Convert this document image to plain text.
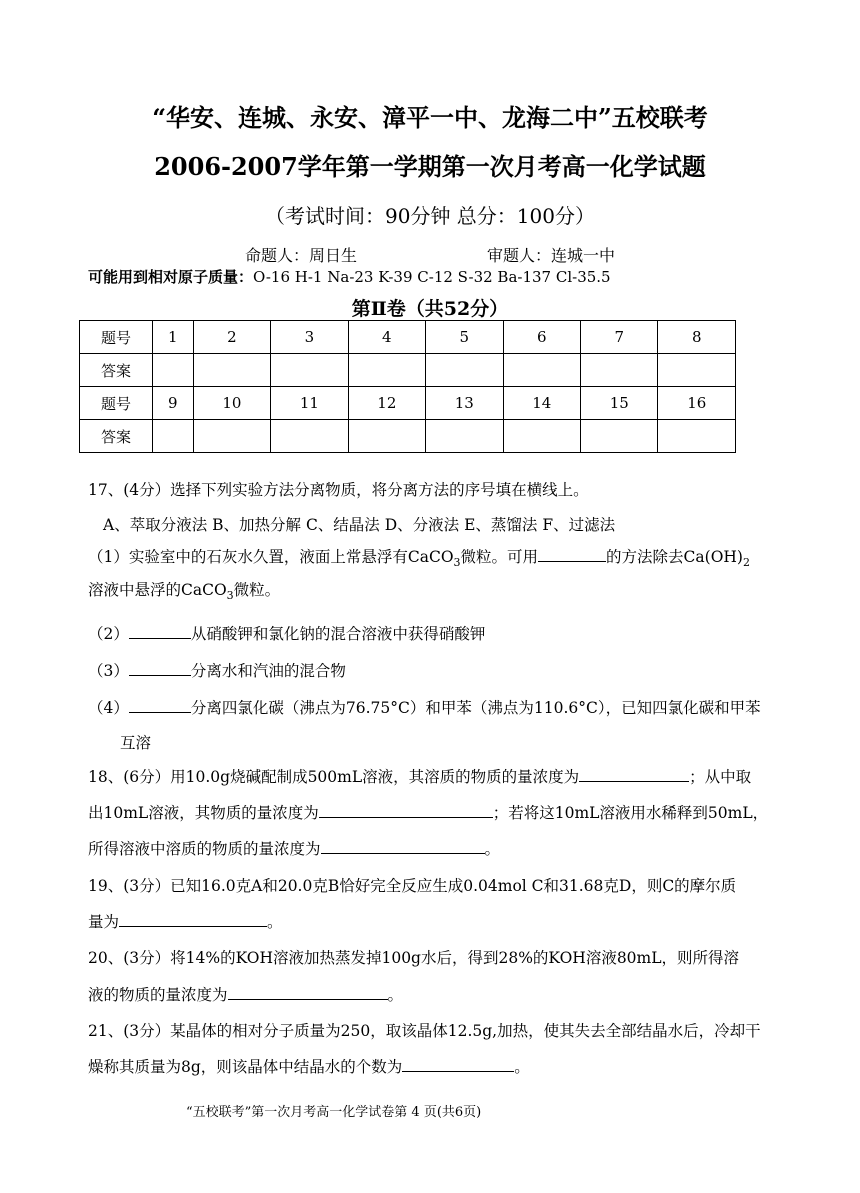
“华安、连城、永安、漳平一中、龙海二中”五校联考
2006-2007学年第一学期第一次月考高一化学试题
（考试时间：90分钟 总分：100分）
命题人：周日生	审题人：连城一中
可能用到相对原子质量：O-16 H-1 Na-23 K-39 C-12 S-32 Ba-137 Cl-35.5
第Ⅱ卷（共52分）
题号	1	2	3	4	5	6	7	8
答案								
题号	9	10	11	12	13	14	15	16
答案								
17、(4分）选择下列实验方法分离物质，将分离方法的序号填在横线上。
A、萃取分液法 B、加热分解 C、结晶法 D、分液法 E、蒸馏法 F、过滤法
（1）实验室中的石灰水久置，液面上常悬浮有CaCO$_3$微粒。可用	的方法除去$Ca(OH)_2$
溶液中悬浮的CaCO$_3$微粒。
（2）	从硝酸钾和氯化钠的混合溶液中获得硝酸钾
（3）	分离水和汽油的混合物
（4）	分离四氯化碳（沸点为76.75°C）和甲苯（沸点为110.6°C），已知四氯化碳和甲苯
互溶
18、(6分）用10.0g烧碱配制成500mL溶液，其溶质的物质的量浓度为	；从中取
出10mL溶液，其物质的量浓度为	；若将这10mL溶液用水稀释到50mL，
所得溶液中溶质的物质的量浓度为	。
19、(3分）已知16.0克A和20.0克B恰好完全反应生成0.04mol C和31.68克D，则C的摩尔质
量为	。
20、(3分）将14%的KOH溶液加热蒸发掉100g水后，得到28%的KOH溶液80mL，则所得溶
液的物质的量浓度为	。
21、(3分）某晶体的相对分子质量为250，取该晶体12.5g,加热，使其失去全部结晶水后，冷却干
燥称其质量为8g，则该晶体中结晶水的个数为	。
“五校联考”第一次月考高一化学试卷第 4 页(共6页)
